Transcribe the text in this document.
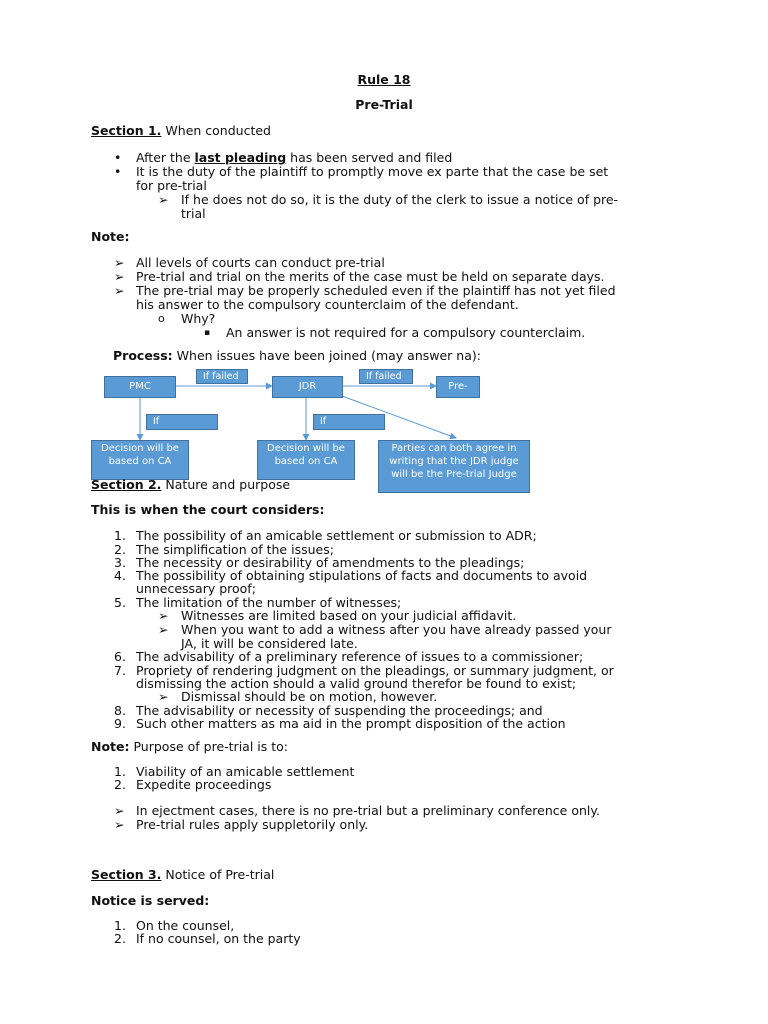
Rule 18
Pre-Trial
Section 1. When conducted
•	After the last pleading has been served and filed
•	It is the duty of the plaintiff to promptly move ex parte that the case be set
for pre-trial
➢ If he does not do so, it is the duty of the clerk to issue a notice of pre-
trial
Note:
➢ All levels of courts can conduct pre-trial
➢ Pre-trial and trial on the merits of the case must be held on separate days.
➢ The pre-trial may be properly scheduled even if the plaintiff has not yet filed
his answer to the compulsory counterclaim of the defendant.
o	Why?
▪	An answer is not required for a compulsory counterclaim.
Process: When issues have been joined (may answer na):
PMC	JDR	Pre-
If failed	If failed
If	If
Decision will be based on CA
Decision will be based on CA
Parties can both agree in writing that the JDR judge will be the Pre-trial Judge
Section 2. Nature and purpose
This is when the court considers:
1. The possibility of an amicable settlement or submission to ADR;
2. The simplification of the issues;
3. The necessity or desirability of amendments to the pleadings;
4. The possibility of obtaining stipulations of facts and documents to avoid
unnecessary proof;
5. The limitation of the number of witnesses;
➢ Witnesses are limited based on your judicial affidavit.
➢ When you want to add a witness after you have already passed your
JA, it will be considered late.
6. The advisability of a preliminary reference of issues to a commissioner;
7. Propriety of rendering judgment on the pleadings, or summary judgment, or
dismissing the action should a valid ground therefor be found to exist;
➢ Dismissal should be on motion, however.
8. The advisability or necessity of suspending the proceedings; and
9. Such other matters as ma aid in the prompt disposition of the action
Note: Purpose of pre-trial is to:
1. Viability of an amicable settlement
2. Expedite proceedings
➢ In ejectment cases, there is no pre-trial but a preliminary conference only.
➢ Pre-trial rules apply suppletorily only.
Section 3. Notice of Pre-trial
Notice is served:
1. On the counsel,
2. If no counsel, on the party
